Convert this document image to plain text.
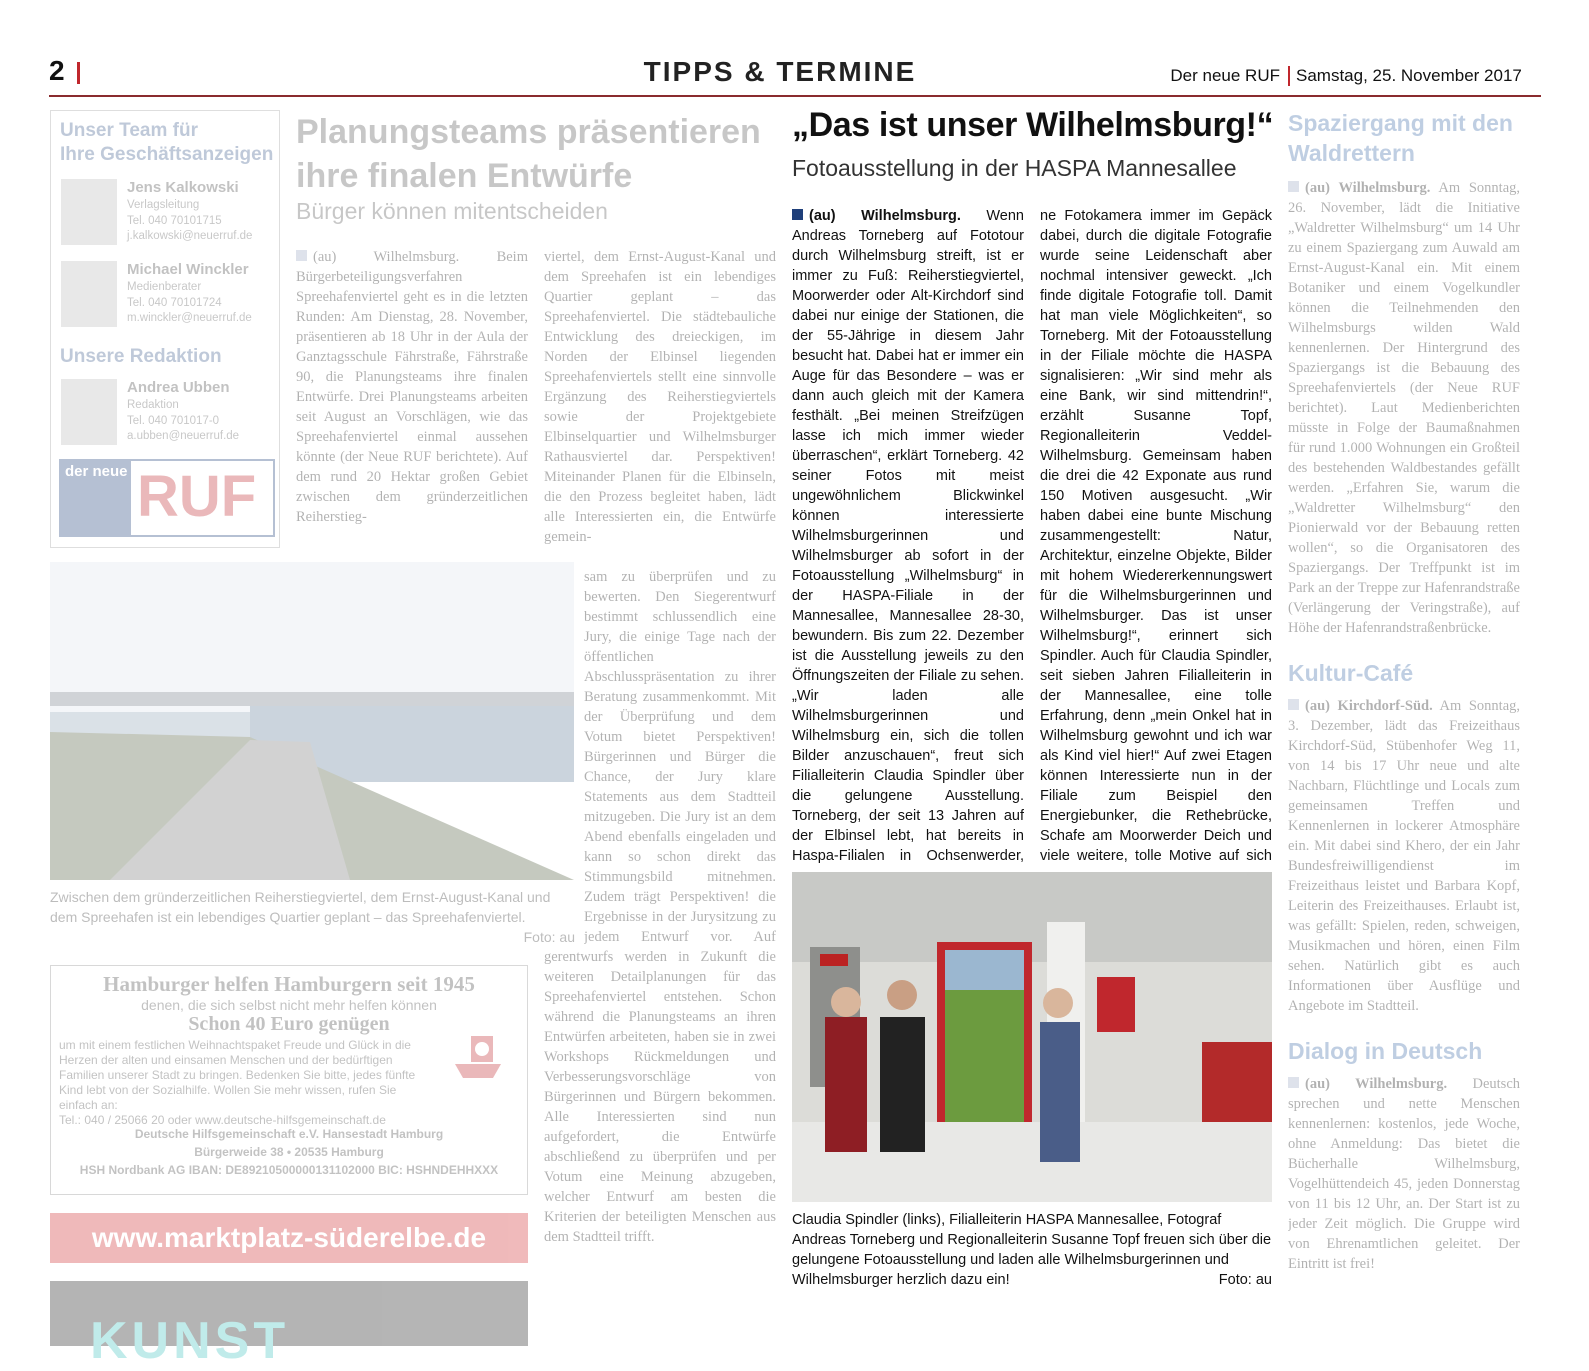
2	TIPPS & TERMINE	Der neue RUF Samstag, 25. November 2017
Unser Team für
Ihre Geschäftsanzeigen
Jens Kalkowski
Verlagsleitung
Tel. 040 70101715
j.kalkowski@neuerruf.de
Michael Winckler
Medienberater
Tel. 040 70101724
m.winckler@neuerruf.de
Unsere Redaktion
Andrea Ubben
Redaktion
Tel. 040 701017-0
a.ubben@neuerruf.de
der neue RUF
Planungsteams präsentieren ihre finalen Entwürfe
Bürger können mitentscheiden
(au) Wilhelmsburg. Beim Bürgerbeteiligungsverfahren Spreehafenviertel geht es in die letzten Runden: Am Dienstag, 28. November, präsentieren ab 18 Uhr in der Aula der Ganztagsschule Fährstraße, Fährstraße 90, die Planungsteams ihre finalen Entwürfe. Drei Planungsteams arbeiten seit August an Vorschlägen, wie das Spreehafenviertel einmal aussehen könnte (der Neue RUF berichtete). Auf dem rund 20 Hektar großen Gebiet zwischen dem gründerzeitlichen Reiherstieg-
viertel, dem Ernst-August-Kanal und dem Spreehafen ist ein lebendiges Quartier geplant – das Spreehafenviertel. Die städtebauliche Entwicklung des dreieckigen, im Norden der Elbinsel liegenden Spreehafenviertels stellt eine sinnvolle Ergänzung des Reiherstiegviertels sowie der Projektgebiete Elbinselquartier und Wilhelmsburger Rathausviertel dar. Perspektiven! Miteinander Planen für die Elbinseln, die den Prozess begleitet haben, lädt alle Interessierten ein, die Entwürfe gemein-
sam zu überprüfen und zu bewerten. Den Siegerentwurf bestimmt schlussendlich eine Jury, die einige Tage nach der öffentlichen Abschlusspräsentation zu ihrer Beratung zusammenkommt. Mit der Überprüfung und dem Votum bietet Perspektiven! Bürgerinnen und Bürger die Chance, der Jury klare Statements aus dem Stadtteil mitzugeben. Die Jury ist an dem Abend ebenfalls eingeladen und kann so schon direkt das Stimmungsbild mitnehmen. Zudem trägt Perspektiven! die Ergebnisse in der Jurysitzung zu jedem Entwurf vor. Auf
gerentwurfs werden in Zukunft die weiteren Detailplanungen für das Spreehafenviertel entstehen. Schon während die Planungsteams an ihren Entwürfen arbeiteten, haben sie in zwei Workshops Rückmeldungen und Verbesserungsvorschläge von Bürgerinnen und Bürgern bekommen. Alle Interessierten sind nun aufgefordert, die Entwürfe abschließend zu überprüfen und per Votum eine Meinung abzugeben, welcher Entwurf am besten die Kriterien der beteiligten Menschen aus dem Stadtteil trifft.
Zwischen dem gründerzeitlichen Reiherstiegviertel, dem Ernst-August-Kanal und dem Spreehafen ist ein lebendiges Quartier geplant – das Spreehafenviertel.
Foto: au
„Das ist unser Wilhelmsburg!“
Fotoausstellung in der HASPA Mannesallee
(au) Wilhelmsburg. Wenn Andreas Torneberg auf Fototour durch Wilhelmsburg streift, ist er immer zu Fuß: Reiherstiegviertel, Moorwerder oder Alt-Kirchdorf sind dabei nur einige der Stationen, die der 55-Jährige in diesem Jahr besucht hat. Dabei hat er immer ein Auge für das Besondere – was er dann auch gleich mit der Kamera festhält. „Bei meinen Streifzügen lasse ich mich immer wieder überraschen“, erklärt Torneberg. 42 seiner Fotos mit meist ungewöhnlichem Blickwinkel können interessierte Wilhelmsburgerinnen und Wilhelmsburger ab sofort in der Fotoausstellung „Wilhelmsburg“ in der HASPA-Filiale in der Mannesallee, Mannesallee 28-30, bewundern. Bis zum 22. Dezember ist die Ausstellung jeweils zu den Öffnungszeiten der Filiale zu sehen. „Wir laden alle Wilhelmsburgerinnen und Wilhelmsburg ein, sich die tollen Bilder anzuschauen“, freut sich Filialleiterin Claudia Spindler über die gelungene Ausstellung. Torneberg, der seit 13 Jahren auf der Elbinsel lebt, hat bereits in Haspa-Filialen in Ochsenwerder,
ne Fotokamera immer im Gepäck dabei, durch die digitale Fotografie wurde seine Leidenschaft aber nochmal intensiver geweckt. „Ich finde digitale Fotografie toll. Damit hat man viele Möglichkeiten“, so Torneberg. Mit der Fotoausstellung in der Filiale möchte die HASPA signalisieren: „Wir sind mehr als eine Bank, wir sind mittendrin!“, erzählt Susanne Topf, Regionalleiterin Veddel-Wilhelmsburg. Gemeinsam haben die drei die 42 Exponate aus rund 150 Motiven ausgesucht. „Wir haben dabei eine bunte Mischung zusammengestellt: Natur, Architektur, einzelne Objekte, Bilder mit hohem Wiedererkennungswert für die Wilhelmsburgerinnen und Wilhelmsburger. Das ist unser Wilhelmsburg!“, erinnert sich Spindler. Auch für Claudia Spindler, seit sieben Jahren Filialleiterin in der Mannesallee, eine tolle Erfahrung, denn „mein Onkel hat in Wilhelmsburg gewohnt und ich war als Kind viel hier!“ Auf zwei Etagen können Interessierte nun in der Filiale zum Beispiel den Energiebunker, die Rethebrücke, Schafe am Moorwerder Deich und viele weitere, tolle Motive auf sich
Claudia Spindler (links), Filialleiterin HASPA Mannesallee, Fotograf Andreas Torneberg und Regionalleiterin Susanne Topf freuen sich über die gelungene Fotoausstellung und laden alle Wilhelmsburgerinnen und Wilhelmsburger herzlich dazu ein!	Foto: au
Spaziergang mit den Waldrettern
(au) Wilhelmsburg. Am Sonntag, 26. November, lädt die Initiative „Waldretter Wilhelmsburg“ um 14 Uhr zu einem Spaziergang zum Auwald am Ernst-August-Kanal ein. Mit einem Botaniker und einem Vogelkundler können die Teilnehmenden den Wilhelmsburgs wilden Wald kennenlernen. Der Hintergrund des Spaziergangs ist die Bebauung des Spreehafenviertels (der Neue RUF berichtet). Laut Medienberichten müsste in Folge der Baumaßnahmen für rund 1.000 Wohnungen ein Großteil des bestehenden Waldbestandes gefällt werden. „Erfahren Sie, warum die „Waldretter Wilhelmsburg“ den Pionierwald vor der Bebauung retten wollen“, so die Organisatoren des Spaziergangs. Der Treffpunkt ist im Park an der Treppe zur Hafenrandstraße (Verlängerung der Veringstraße), auf Höhe der Hafenrandstraßenbrücke.
Kultur-Café
(au) Kirchdorf-Süd. Am Sonntag, 3. Dezember, lädt das Freizeithaus Kirchdorf-Süd, Stübenhofer Weg 11, von 14 bis 17 Uhr neue und alte Nachbarn, Flüchtlinge und Locals zum gemeinsamen Treffen und Kennenlernen in lockerer Atmosphäre ein. Mit dabei sind Khero, der ein Jahr Bundesfreiwilligendienst im Freizeithaus leistet und Barbara Kopf, Leiterin des Freizeithauses. Erlaubt ist, was gefällt: Spielen, reden, schweigen, Musikmachen und hören, einen Film sehen. Natürlich gibt es auch Informationen über Ausflüge und Angebote im Stadtteil.
Dialog in Deutsch
(au) Wilhelmsburg. Deutsch sprechen und nette Menschen kennenlernen: kostenlos, jede Woche, ohne Anmeldung: Das bietet die Bücherhalle Wilhelmsburg, Vogelhüttendeich 45, jeden Donnerstag von 11 bis 12 Uhr, an. Der Start ist zu jeder Zeit möglich. Die Gruppe wird von Ehrenamtlichen geleitet. Der Eintritt ist frei!
Hamburger helfen Hamburgern seit 1945
denen, die sich selbst nicht mehr helfen können
Schon 40 Euro genügen
um mit einem festlichen Weihnachtspaket Freude und Glück in die Herzen der alten und einsamen Menschen und der bedürftigen Familien unserer Stadt zu bringen. Bedenken Sie bitte, jedes fünfte Kind lebt von der Sozialhilfe. Wollen Sie mehr wissen, rufen Sie einfach an:
Tel.: 040 / 25066 20 oder www.deutsche-hilfsgemeinschaft.de
Deutsche Hilfsgemeinschaft e.V. Hansestadt Hamburg
Bürgerweide 38 • 20535 Hamburg
HSH Nordbank AG IBAN: DE89210500000131102000 BIC: HSHNDEHHXXX
www.marktplatz-süderelbe.de
KUNST
